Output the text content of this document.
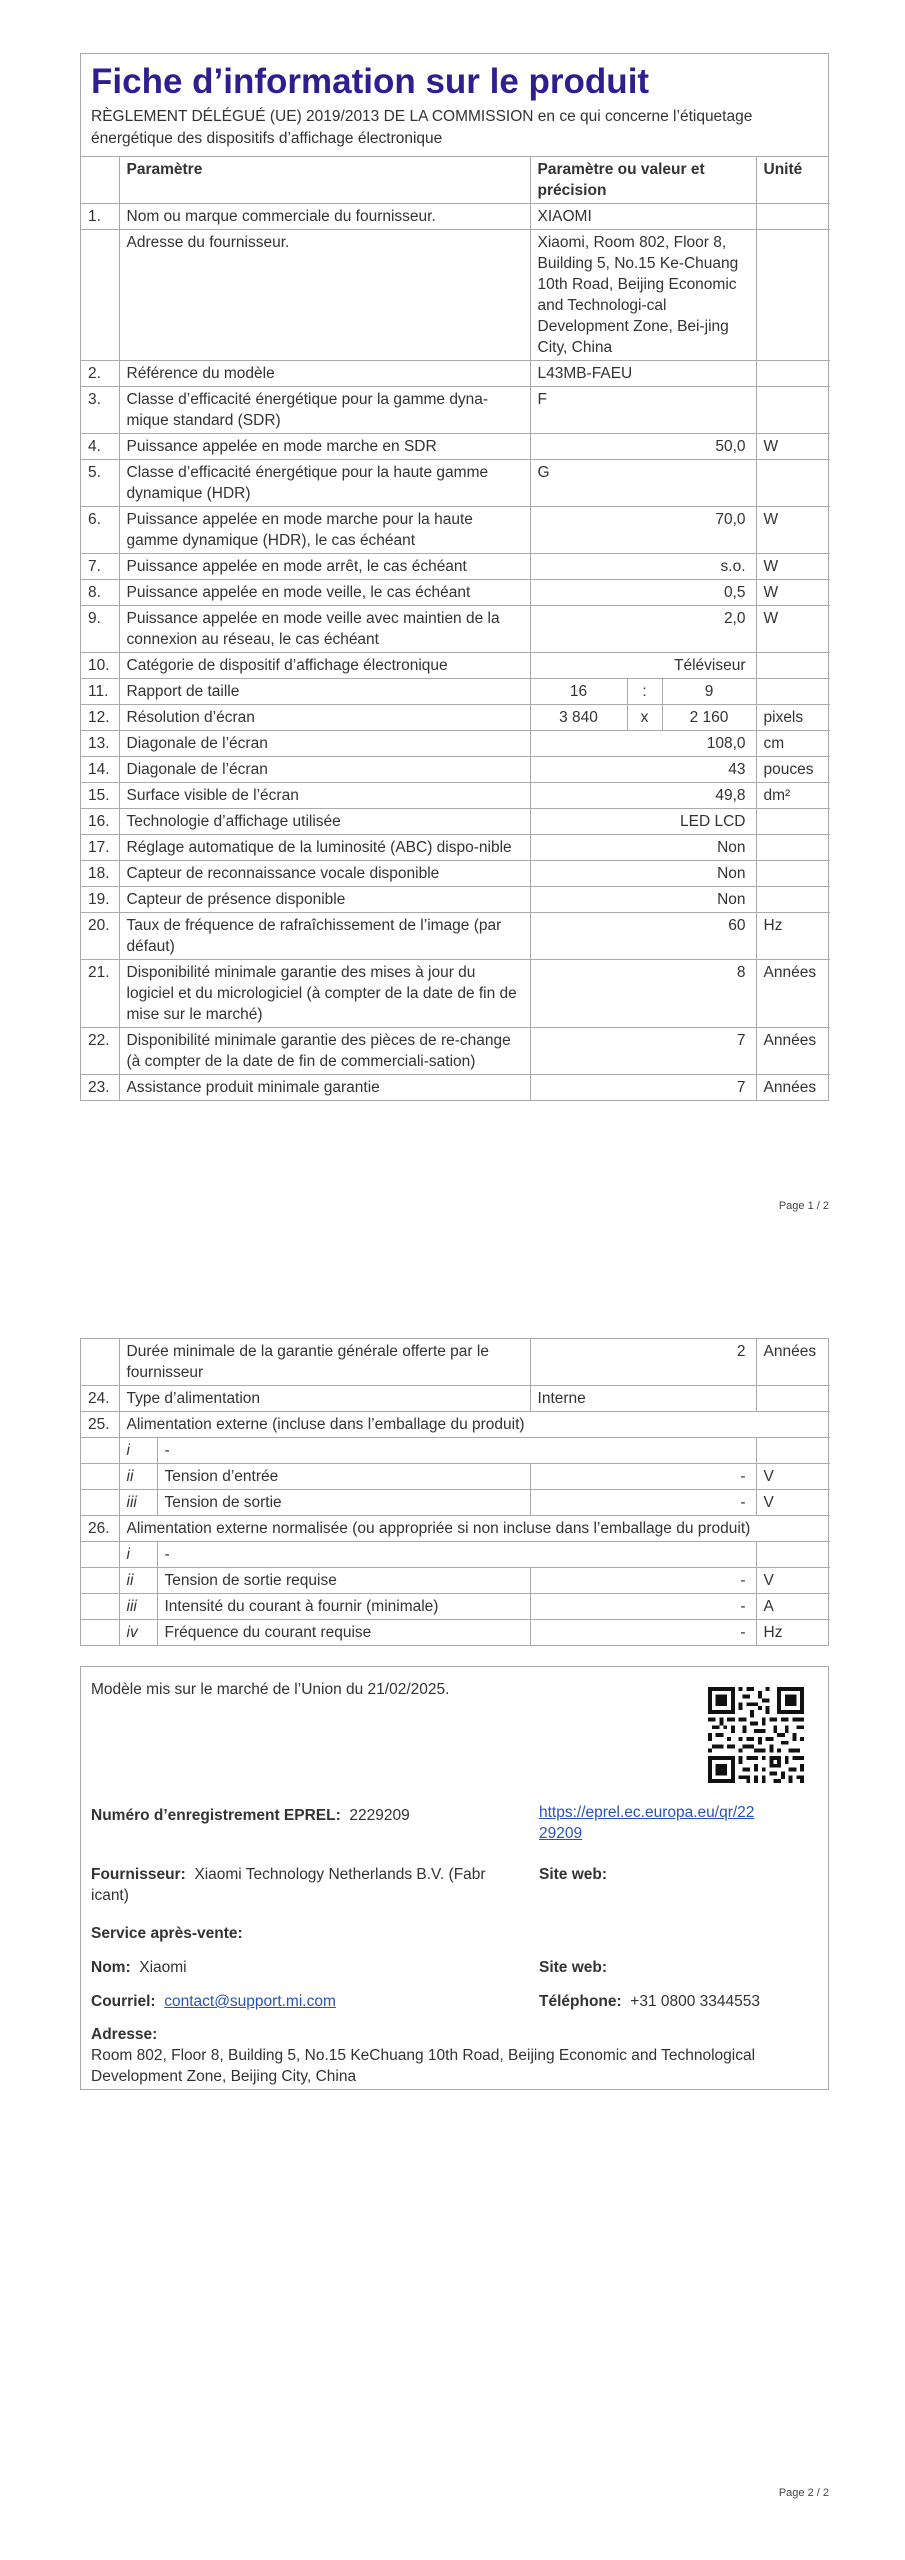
Fiche d’information sur le produit
RÈGLEMENT DÉLÉGUÉ (UE) 2019/2013 DE LA COMMISSION en ce qui concerne l’étiquetage énergétique des dispositifs d’affichage électronique
	Paramètre	Paramètre ou valeur et précision	Unité
1.	Nom ou marque commerciale du fournisseur.	XIAOMI	
	Adresse du fournisseur.	Xiaomi, Room 802, Floor 8, Building 5, No.15 Ke-Chuang 10th Road, Beijing Economic and Technologi-cal Development Zone, Bei-jing City, China	
2.	Référence du modèle	L43MB-FAEU	
3.	Classe d’efficacité énergétique pour la gamme dyna-mique standard (SDR)	F	
4.	Puissance appelée en mode marche en SDR	50,0	W
5.	Classe d’efficacité énergétique pour la haute gamme dynamique (HDR)	G	
6.	Puissance appelée en mode marche pour la haute gamme dynamique (HDR), le cas échéant	70,0	W
7.	Puissance appelée en mode arrêt, le cas échéant	s.o.	W
8.	Puissance appelée en mode veille, le cas échéant	0,5	W
9.	Puissance appelée en mode veille avec maintien de la connexion au réseau, le cas échéant	2,0	W
10.	Catégorie de dispositif d’affichage électronique	Téléviseur	
11.	Rapport de taille	16 : 9	

12.	Résolution d’écran	3 840 x 2 160	pixels
13.	Diagonale de l’écran	108,0	cm
14.	Diagonale de l’écran	43	pouces
15.	Surface visible de l’écran	49,8	dm²
16.	Technologie d’affichage utilisée	LED LCD	
17.	Réglage automatique de la luminosité (ABC) dispo-nible	Non	
18.	Capteur de reconnaissance vocale disponible	Non	
19.	Capteur de présence disponible	Non	
20.	Taux de fréquence de rafraîchissement de l’image (par défaut)	60	Hz
21.	Disponibilité minimale garantie des mises à jour du logiciel et du micrologiciel (à compter de la date de fin de mise sur le marché)	8	Années
22.	Disponibilité minimale garantie des pièces de re-change (à compter de la date de fin de commerciali-sation)	7	Années
23.	Assistance produit minimale garantie	7	Années
Page 1 / 2
	Durée minimale de la garantie générale offerte par le fournisseur		2	Années
24.	Type d’alimentation		Interne	
25.	Alimentation externe (incluse dans l’emballage du produit)			
	i	-		
	ii	Tension d’entrée	-	V
	iii	Tension de sortie	-	V
26.	Alimentation externe normalisée (ou appropriée si non incluse dans l’emballage du produit)			
	i	-		
	ii	Tension de sortie requise	-	V
	iii	Intensité du courant à fournir (minimale)	-	A
	iv	Fréquence du courant requise	-	Hz
Modèle mis sur le marché de l’Union du 21/02/2025.
Numéro d’enregistrement EPREL: 2229209	https://eprel.ec.europa.eu/qr/22
29209
Fournisseur: Xiaomi Technology Netherlands B.V. (Fabr
icant)
Site web:
Service après-vente:
Nom: Xiaomi	Site web:
Courriel: contact@support.mi.com	Téléphone: +31 0800 3344553
Adresse:
Room 802, Floor 8, Building 5, No.15 KeChuang 10th Road, Beijing Economic and Technological
Development Zone, Beijing City, China
Page 2 / 2
